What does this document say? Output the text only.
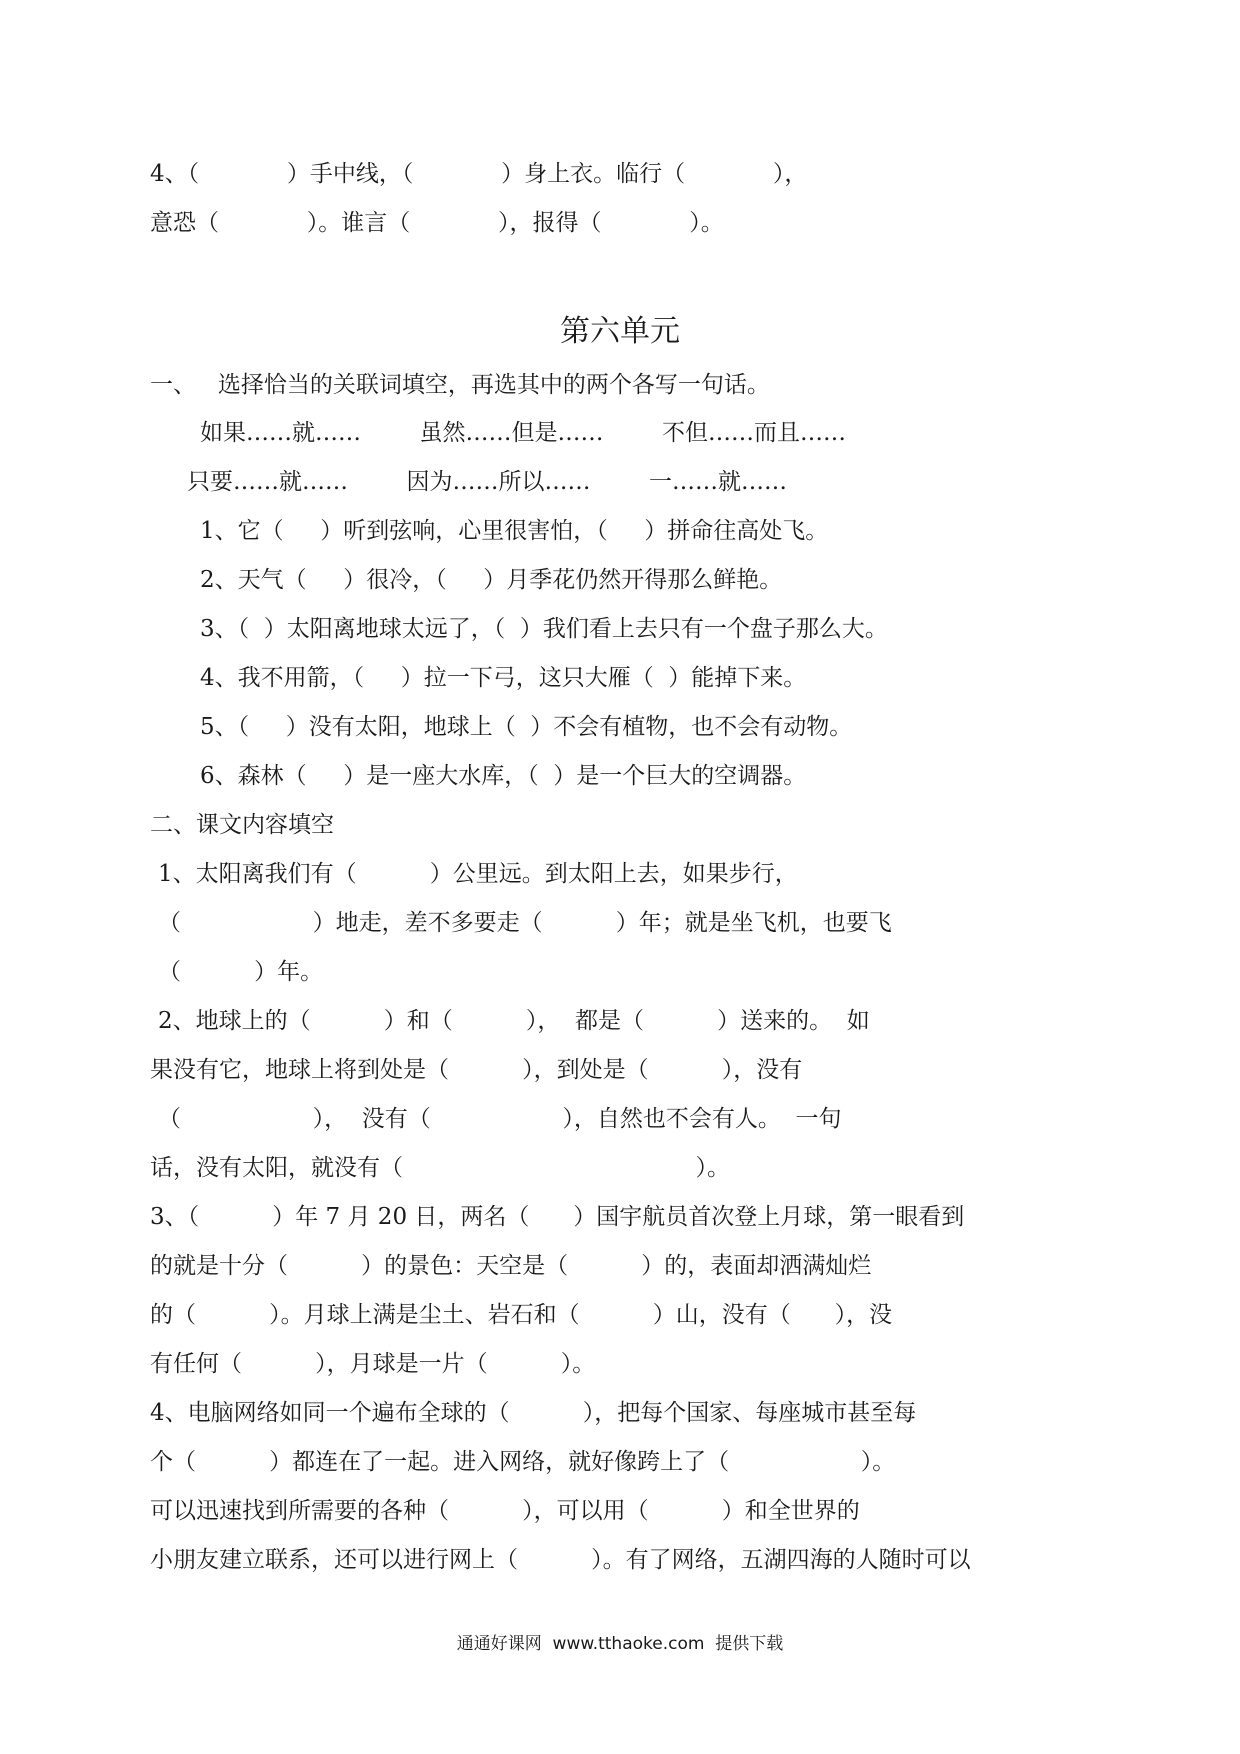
4、（            ）手中线，（            ）身上衣。临行（            ），
意恐（            ）。谁言（            ），报得（            ）。
第六单元
一、   选择恰当的关联词填空，再选其中的两个各写一句话。
如果……就……        虽然……但是……        不但……而且……
只要……就……        因为……所以……        一……就……
1、它（     ）听到弦响，心里很害怕，（     ）拼命往高处飞。
2、天气（     ）很冷，（     ）月季花仍然开得那么鲜艳。
3、（  ）太阳离地球太远了，（  ）我们看上去只有一个盘子那么大。
4、我不用箭，（     ）拉一下弓，这只大雁（  ）能掉下来。
5、（     ）没有太阳，地球上（  ）不会有植物，也不会有动物。
6、森林（     ）是一座大水库，（  ）是一个巨大的空调器。
二、课文内容填空
1、太阳离我们有（          ）公里远。到太阳上去，如果步行，
（                  ）地走，差不多要走（          ）年；就是坐飞机，也要飞
（          ）年。
2、地球上的（          ）和（          ），  都是（          ）送来的。  如
果没有它，地球上将到处是（          ），到处是（          ），没有
（                  ），  没有（                  ），自然也不会有人。  一句
话，没有太阳，就没有（                                        ）。
3、（          ）年 7 月 20 日，两名（      ）国宇航员首次登上月球，第一眼看到
的就是十分（          ）的景色：天空是（          ）的，表面却洒满灿烂
的（          ）。月球上满是尘土、岩石和（          ）山，没有（      ），没
有任何（          ），月球是一片（          ）。
4、电脑网络如同一个遍布全球的（          ），把每个国家、每座城市甚至每
个（          ）都连在了一起。进入网络，就好像跨上了（                  ）。
可以迅速找到所需要的各种（          ），可以用（          ）和全世界的
小朋友建立联系，还可以进行网上（          ）。有了网络，五湖四海的人随时可以
通通好课网  www.tthaoke.com  提供下载
